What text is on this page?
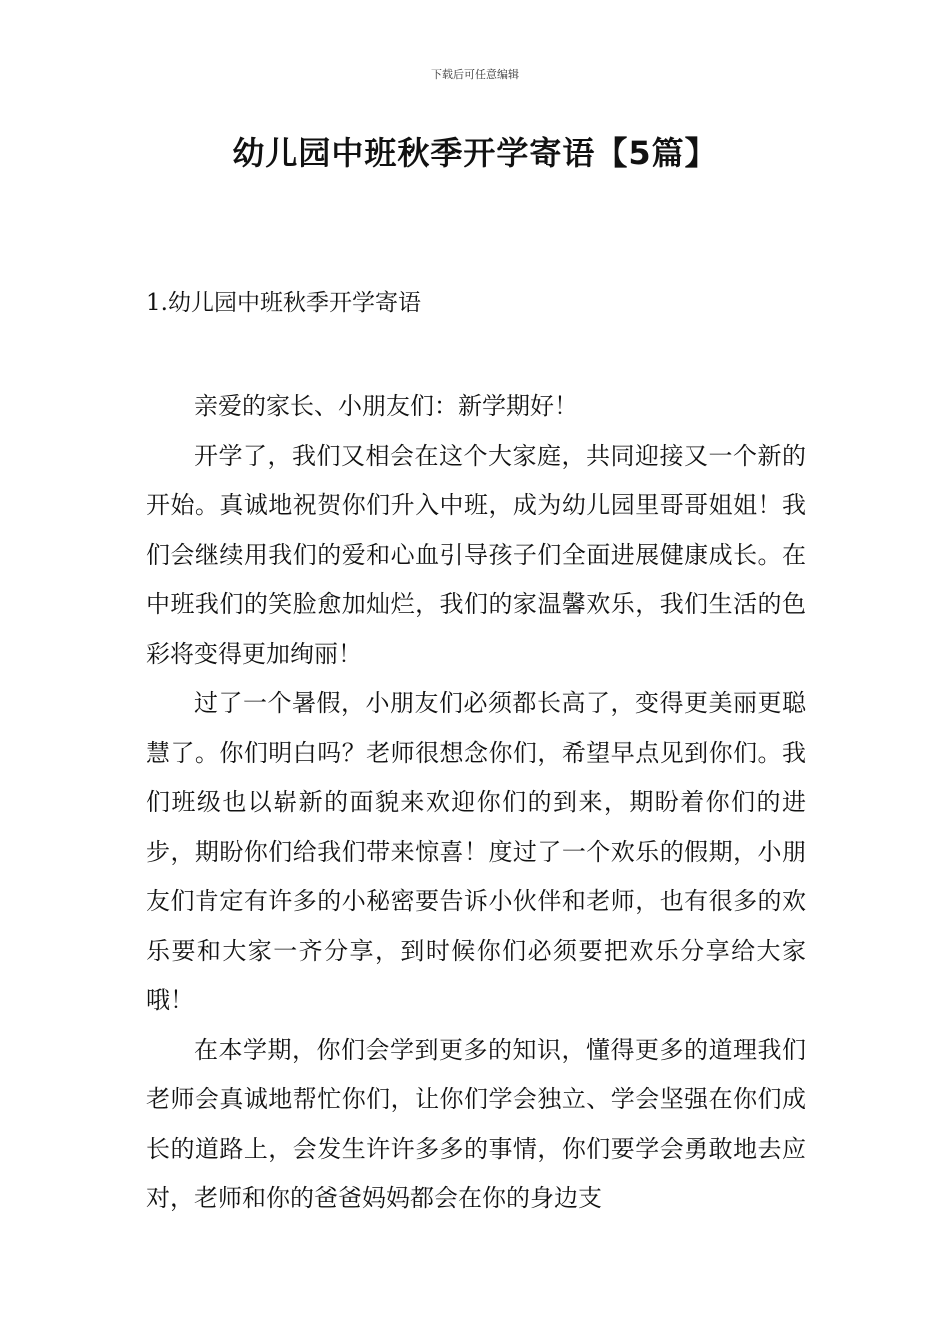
下载后可任意编辑
幼儿园中班秋季开学寄语【5篇】
1.幼儿园中班秋季开学寄语

亲爱的家长、小朋友们：新学期好！

开学了，我们又相会在这个大家庭，共同迎接又一个新的开始。真诚地祝贺你们升入中班，成为幼儿园里哥哥姐姐！我们会继续用我们的爱和心血引导孩子们全面进展健康成长。在中班我们的笑脸愈加灿烂，我们的家温馨欢乐，我们生活的色彩将变得更加绚丽！

过了一个暑假，小朋友们必须都长高了，变得更美丽更聪慧了。你们明白吗？老师很想念你们，希望早点见到你们。我们班级也以崭新的面貌来欢迎你们的到来，期盼着你们的进步，期盼你们给我们带来惊喜！度过了一个欢乐的假期，小朋友们肯定有许多的小秘密要告诉小伙伴和老师，也有很多的欢乐要和大家一齐分享，到时候你们必须要把欢乐分享给大家哦！

在本学期，你们会学到更多的知识，懂得更多的道理我们老师会真诚地帮忙你们，让你们学会独立、学会坚强在你们成长的道路上，会发生许许多多的事情，你们要学会勇敢地去应对，老师和你的爸爸妈妈都会在你的身边支
